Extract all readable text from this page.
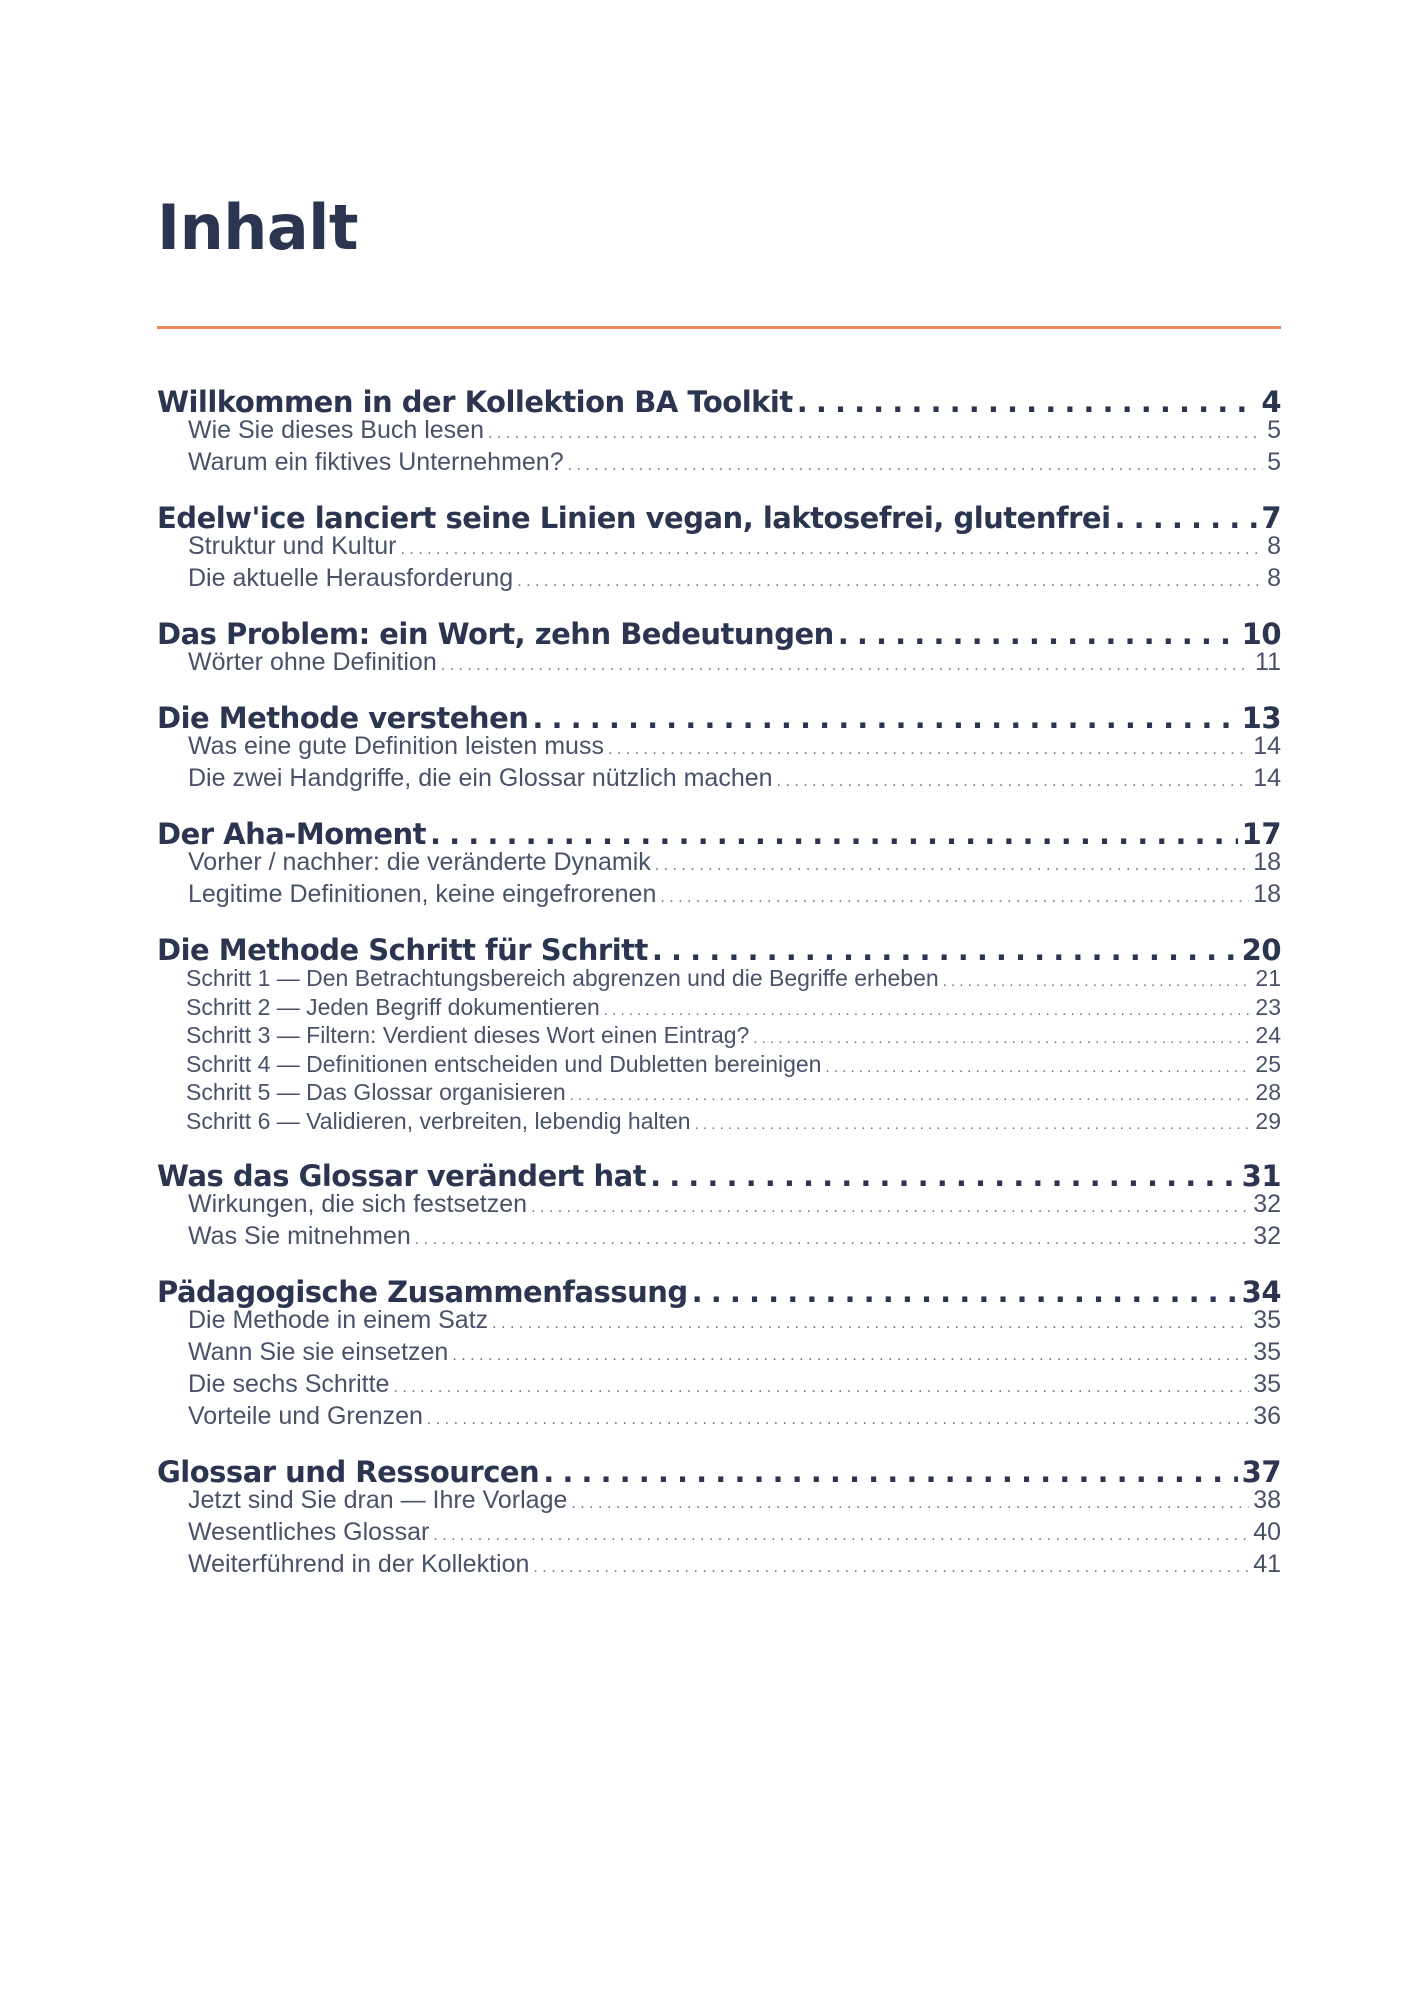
Inhalt
Willkommen in der Kollektion BA Toolkit . . .	4
Wie Sie dieses Buch lesen . . .	5
Warum ein fiktives Unternehmen? . . .	5
Edelw'ice lanciert seine Linien vegan, laktosefrei, glutenfrei . . .	7
Struktur und Kultur . . .	8
Die aktuelle Herausforderung . . .	8
Das Problem: ein Wort, zehn Bedeutungen . . .	10
Wörter ohne Definition . . .	11
Die Methode verstehen . . .	13
Was eine gute Definition leisten muss . . .	14
Die zwei Handgriffe, die ein Glossar nützlich machen . . .	14
Der Aha-Moment . . .	17
Vorher / nachher: die veränderte Dynamik . . .	18
Legitime Definitionen, keine eingefrorenen . . .	18
Die Methode Schritt für Schritt . . .	20
Schritt 1 — Den Betrachtungsbereich abgrenzen und die Begriffe erheben . . .	21
Schritt 2 — Jeden Begriff dokumentieren . . .	23
Schritt 3 — Filtern: Verdient dieses Wort einen Eintrag? . . .	24
Schritt 4 — Definitionen entscheiden und Dubletten bereinigen . . .	25
Schritt 5 — Das Glossar organisieren . . .	28
Schritt 6 — Validieren, verbreiten, lebendig halten . . .	29
Was das Glossar verändert hat . . .	31
Wirkungen, die sich festsetzen . . .	32
Was Sie mitnehmen . . .	32
Pädagogische Zusammenfassung . . .	34
Die Methode in einem Satz . . .	35
Wann Sie sie einsetzen . . .	35
Die sechs Schritte . . .	35
Vorteile und Grenzen . . .	36
Glossar und Ressourcen . . .	37
Jetzt sind Sie dran — Ihre Vorlage . . .	38
Wesentliches Glossar . . .	40
Weiterführend in der Kollektion . . .	41
